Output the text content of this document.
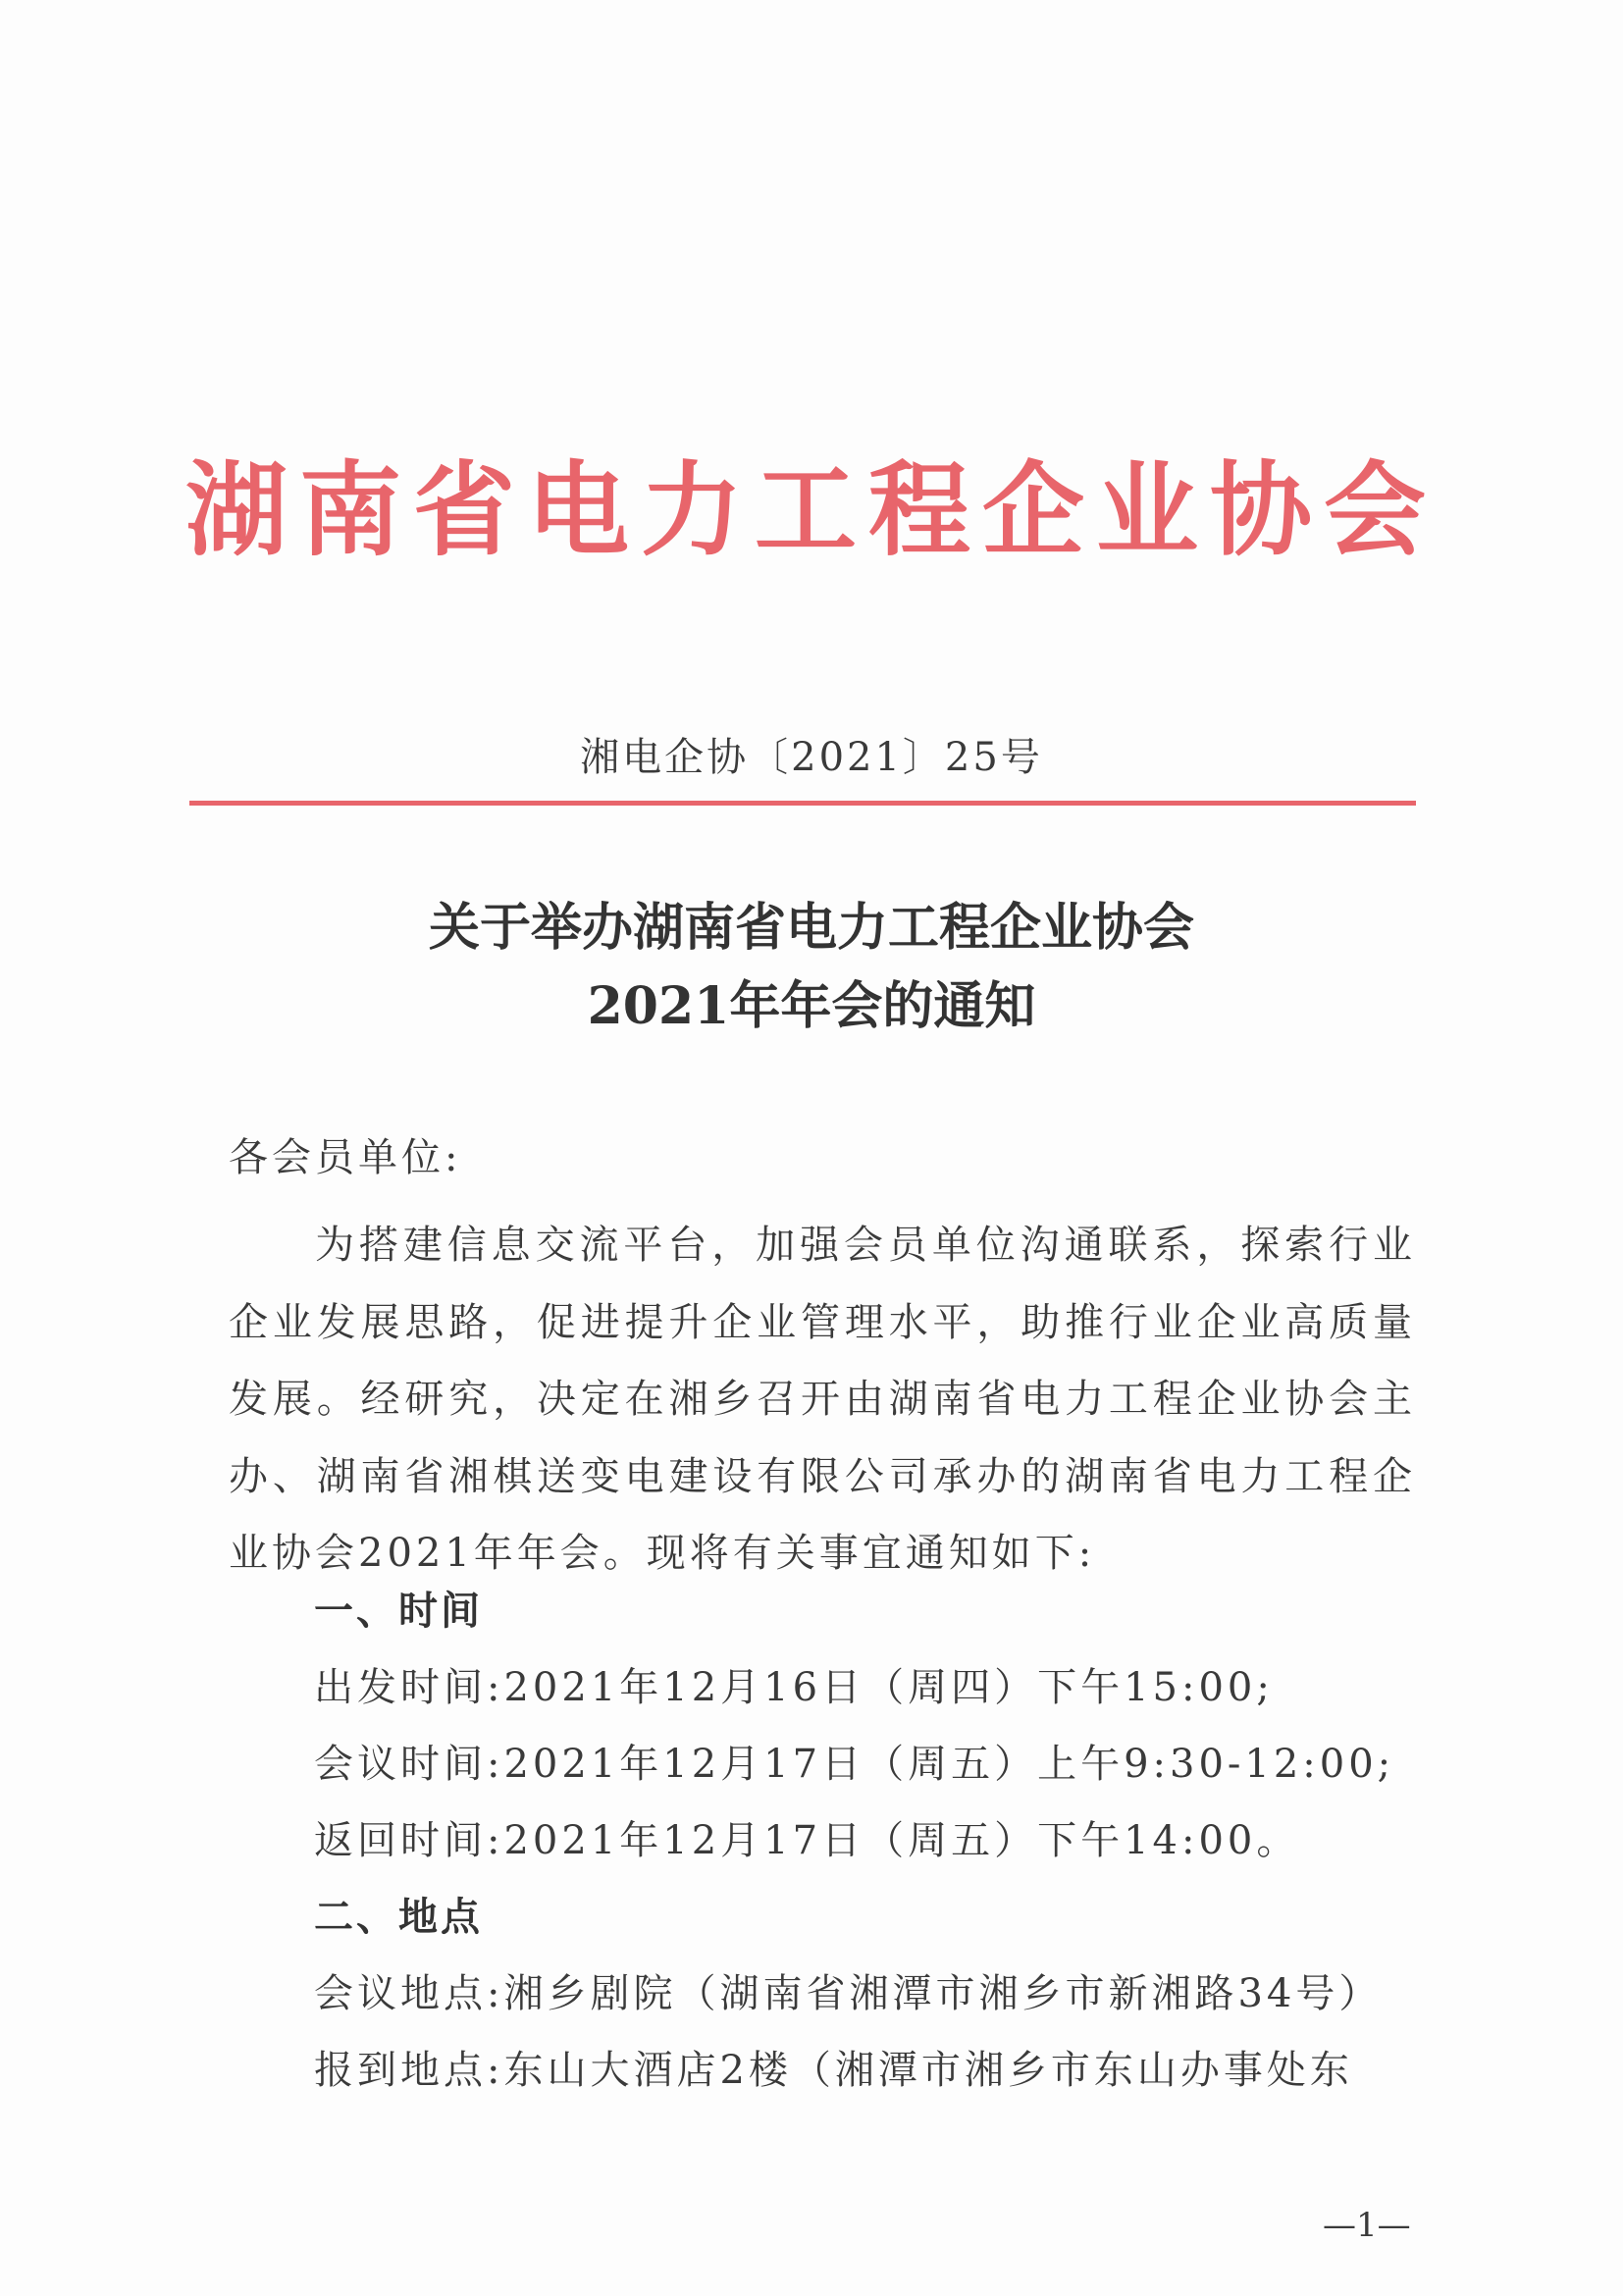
湖南省电力工程企业协会
湘电企协〔2021〕25号
关于举办湖南省电力工程企业协会
2021年年会的通知
各会员单位:
为搭建信息交流平台，加强会员单位沟通联系，探索行业企业发展思路，促进提升企业管理水平，助推行业企业高质量发展。经研究，决定在湘乡召开由湖南省电力工程企业协会主办、湖南省湘棋送变电建设有限公司承办的湖南省电力工程企业协会2021年年会。现将有关事宜通知如下:
一、时间
出发时间:2021年12月16日（周四）下午15:00;
会议时间:2021年12月17日（周五）上午9:30-12:00;
返回时间:2021年12月17日（周五）下午14:00。
二、地点
会议地点:湘乡剧院（湖南省湘潭市湘乡市新湘路34号）
报到地点:东山大酒店2楼（湘潭市湘乡市东山办事处东
—1—
